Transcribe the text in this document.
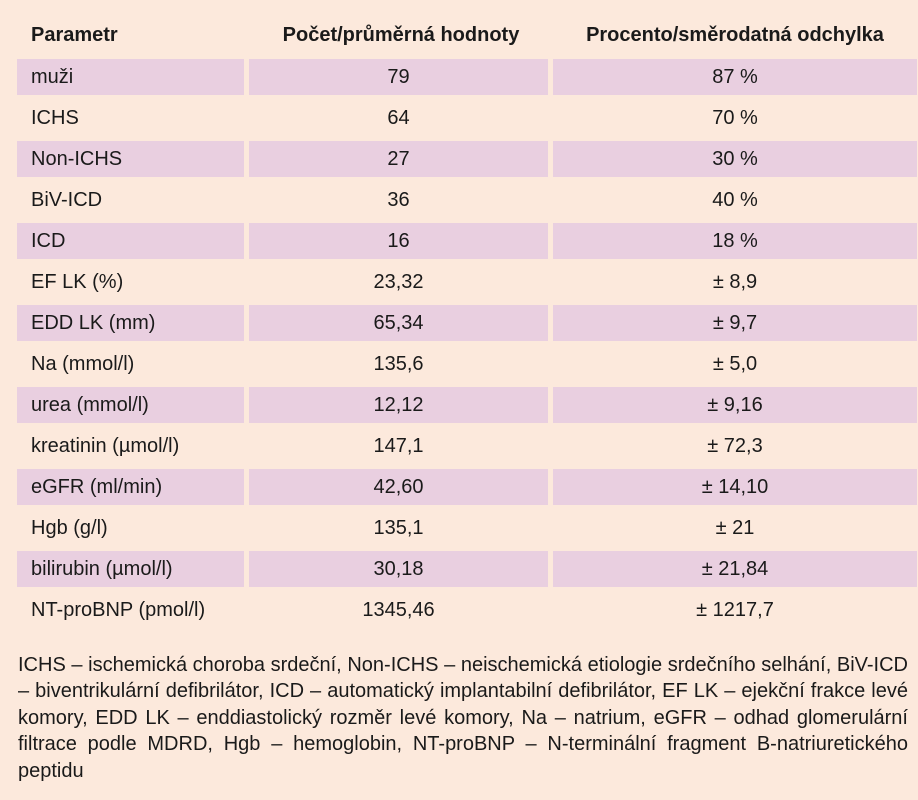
Parametr	Počet/průměrná hodnoty	Procento/směrodatná odchylka
muži	79	87 %
ICHS	64	70 %
Non-ICHS	27	30 %
BiV-ICD	36	40 %
ICD	16	18 %
EF LK (%)	23,32	± 8,9
EDD LK (mm)	65,34	± 9,7
Na (mmol/l)	135,6	± 5,0
urea (mmol/l)	12,12	± 9,16
kreatinin (µmol/l)	147,1	± 72,3
eGFR (ml/min)	42,60	± 14,10
Hgb (g/l)	135,1	± 21
bilirubin (µmol/l)	30,18	± 21,84
NT-proBNP (pmol/l)	1345,46	± 1217,7

ICHS – ischemická choroba srdeční, Non-ICHS – neischemická etiologie srdečního selhání, BiV-ICD – biventrikulární defibrilátor, ICD – automatický implantabilní defibrilátor, EF LK – ejekční frakce levé komory, EDD LK – enddiastolický rozměr levé komory, Na – natrium, eGFR – odhad glomerulární filtrace podle MDRD, Hgb – hemoglobin, NT-proBNP – N-terminální fragment B-natriuretického peptidu
